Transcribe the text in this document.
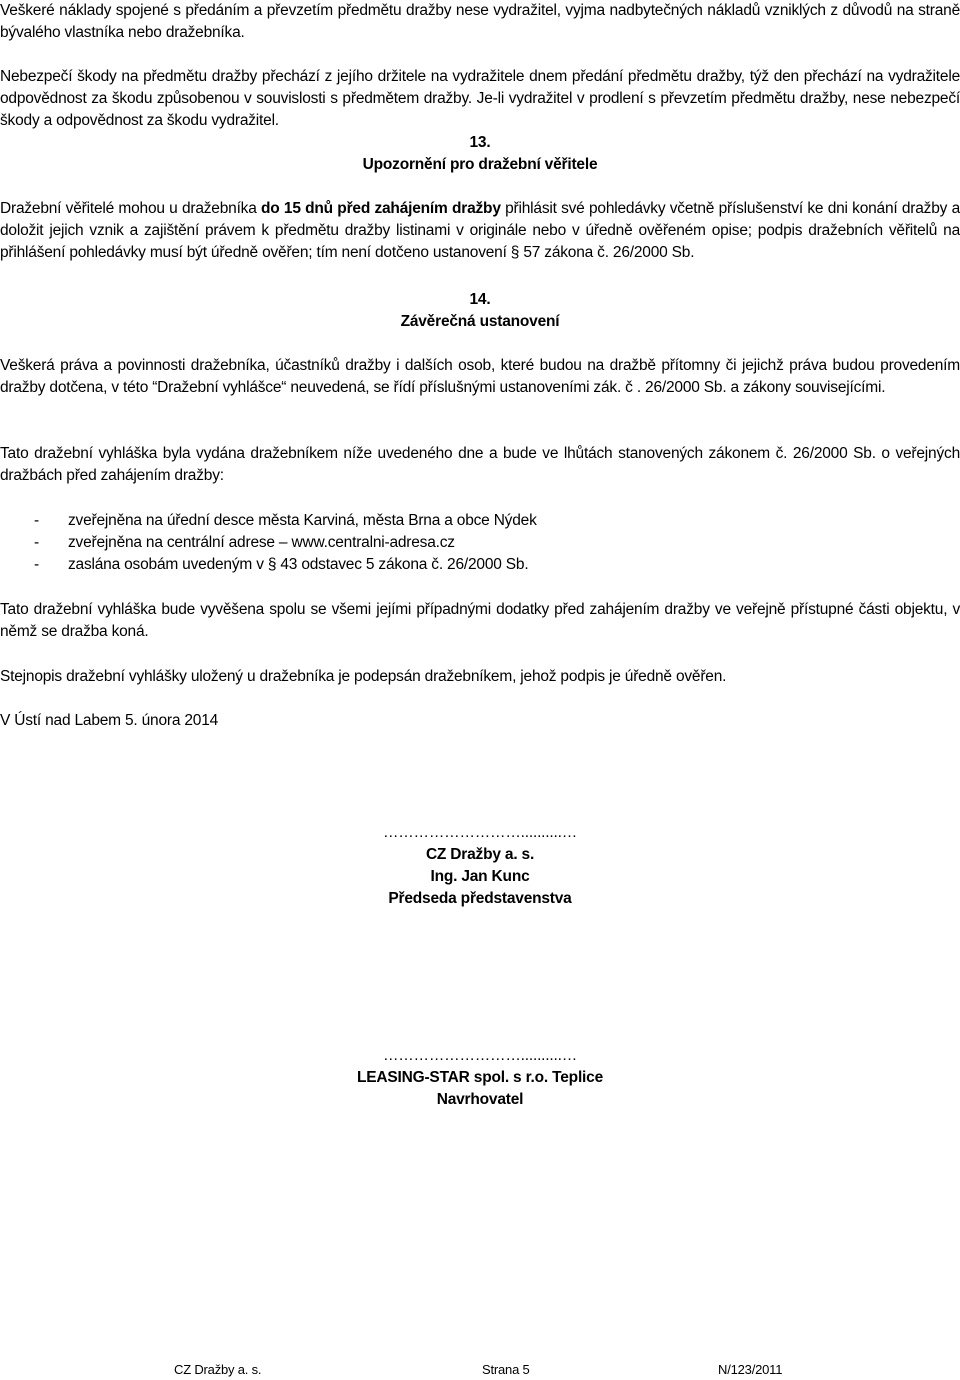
Veškeré náklady spojené s předáním a převzetím předmětu dražby nese vydražitel, vyjma nadbytečných nákladů vzniklých z důvodů na straně bývalého vlastníka nebo dražebníka.

Nebezpečí škody na předmětu dražby přechází z jejího držitele na vydražitele dnem předání předmětu dražby, týž den přechází na vydražitele odpovědnost za škodu způsobenou v souvislosti s předmětem dražby. Je-li vydražitel v prodlení s převzetím předmětu dražby, nese nebezpečí škody a odpovědnost za škodu vydražitel.

13.
Upozornění pro dražební věřitele

Dražební věřitelé mohou u dražebníka do 15 dnů před zahájením dražby přihlásit své pohledávky včetně příslušenství ke dni konání dražby a doložit jejich vznik a zajištění právem k předmětu dražby listinami v originále nebo v úředně ověřeném opise; podpis dražebních věřitelů na přihlášení pohledávky musí být úředně ověřen; tím není dotčeno ustanovení § 57 zákona č. 26/2000 Sb.

14.
Závěrečná ustanovení

Veškerá práva a povinnosti dražebníka, účastníků dražby i dalších osob, které budou na dražbě přítomny či jejichž práva budou provedením dražby dotčena, v této “Dražební vyhlášce“ neuvedená, se řídí příslušnými ustanoveními zák. č . 26/2000 Sb. a zákony souvisejícími.

Tato dražební vyhláška byla vydána dražebníkem níže uvedeného dne a bude ve lhůtách stanovených zákonem č. 26/2000 Sb. o veřejných dražbách před zahájením dražby:

- zveřejněna na úřední desce města Karviná, města Brna a obce Nýdek
- zveřejněna na centrální adrese – www.centralni-adresa.cz
- zaslána osobám uvedeným v § 43 odstavec 5 zákona č. 26/2000 Sb.

Tato dražební vyhláška bude vyvěšena spolu se všemi jejími případnými dodatky před zahájením dražby ve veřejně přístupné části objektu, v němž se dražba koná.

Stejnopis dražební vyhlášky uložený u dražebníka je podepsán dražebníkem, jehož podpis je úředně ověřen.

V Ústí nad Labem 5. února 2014

………………………..........…
CZ Dražby a. s.
Ing. Jan Kunc
Předseda představenstva
………………………..........…
LEASING-STAR spol. s r.o. Teplice
Navrhovatel
CZ Dražby a. s.	Strana 5	N/123/2011
